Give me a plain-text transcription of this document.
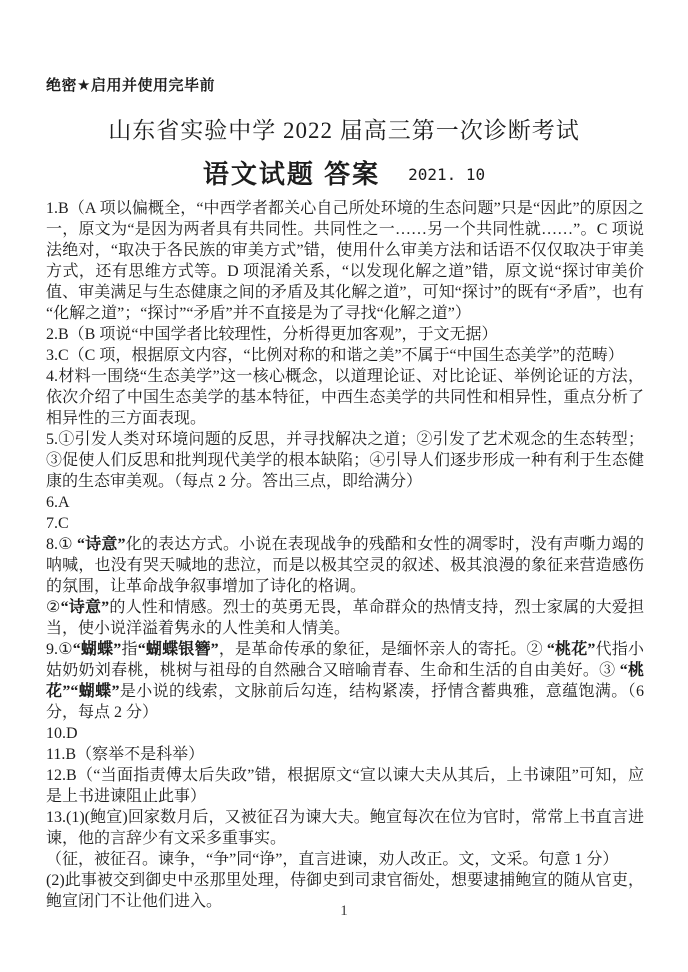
绝密★启用并使用完毕前
山东省实验中学 2022 届高三第一次诊断考试
语文试题 答案 2021. 10

1.B（A 项以偏概全，“中西学者都关心自己所处环境的生态问题”只是“因此”的原因之一，原文为“是因为两者具有共同性。共同性之一……另一个共同性就……”。C 项说法绝对，“取决于各民族的审美方式”错，使用什么审美方法和话语不仅仅取决于审美方式，还有思维方式等。D 项混淆关系，“以发现化解之道”错，原文说“探讨审美价值、审美满足与生态健康之间的矛盾及其化解之道”，可知“探讨”的既有“矛盾”，也有“化解之道”；“探讨”“矛盾”并不直接是为了寻找“化解之道”）

2.B（B 项说“中国学者比较理性，分析得更加客观”，于文无据）

3.C（C 项，根据原文内容，“比例对称的和谐之美”不属于“中国生态美学”的范畴）

4.材料一围绕“生态美学”这一核心概念，以道理论证、对比论证、举例论证的方法，依次介绍了中国生态美学的基本特征，中西生态美学的共同性和相异性，重点分析了相异性的三方面表现。

5.①引发人类对环境问题的反思，并寻找解决之道；②引发了艺术观念的生态转型；③促使人们反思和批判现代美学的根本缺陷；④引导人们逐步形成一种有利于生态健康的生态审美观。（每点 2 分。答出三点，即给满分）

6.A

7.C

8.① “诗意”化的表达方式。小说在表现战争的残酷和女性的凋零时，没有声嘶力竭的呐喊，也没有哭天喊地的悲泣，而是以极其空灵的叙述、极其浪漫的象征来营造感伤的氛围，让革命战争叙事增加了诗化的格调。

②“诗意”的人性和情感。烈士的英勇无畏，革命群众的热情支持，烈士家属的大爱担当，使小说洋溢着隽永的人性美和人情美。

9.①“蝴蝶”指“蝴蝶银簪”，是革命传承的象征，是缅怀亲人的寄托。② “桃花”代指小姑奶奶刘春桃，桃树与祖母的自然融合又暗喻青春、生命和生活的自由美好。③ “桃花”“蝴蝶”是小说的线索，文脉前后勾连，结构紧凑，抒情含蓄典雅，意蕴饱满。（6 分，每点 2 分）

10.D

11.B（察举不是科举）

12.B（“当面指责傅太后失政”错，根据原文“宣以谏大夫从其后，上书谏阻”可知，应是上书进谏阻止此事）

13.(1)(鲍宣)回家数月后，又被征召为谏大夫。鲍宣每次在位为官时，常常上书直言进谏，他的言辞少有文采多重事实。

（征，被征召。谏争，“争”同“诤”，直言进谏，劝人改正。文，文采。句意 1 分）

(2)此事被交到御史中丞那里处理，侍御史到司隶官衙处，想要逮捕鲍宣的随从官吏，鲍宣闭门不让他们进入。

1
